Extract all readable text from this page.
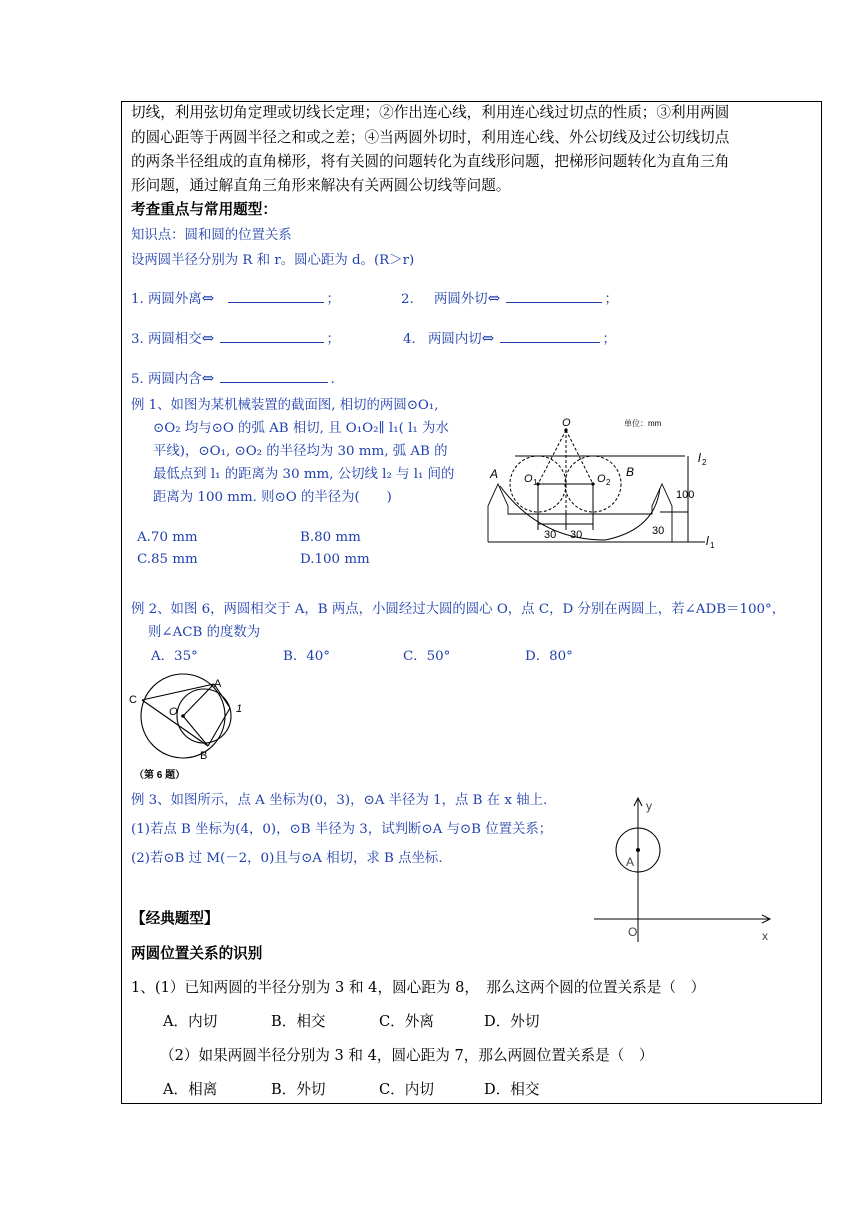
切线，利用弦切角定理或切线长定理；②作出连心线，利用连心线过切点的性质；③利用两圆
的圆心距等于两圆半径之和或之差；④当两圆外切时，利用连心线、外公切线及过公切线切点
的两条半径组成的直角梯形，将有关圆的问题转化为直线形问题，把梯形问题转化为直角三角
形问题，通过解直角三角形来解决有关两圆公切线等问题。
考查重点与常用题型：
知识点：圆和圆的位置关系
设两圆半径分别为 R 和 r。圆心距为 d。(R＞r)
1. 两圆外离⇔	；	2. 两圆外切⇔	；
3. 两圆相交⇔	；	4. 两圆内切⇔	；
5. 两圆内含⇔	.
例 1、如图为某机械装置的截面图, 相切的两圆⊙O₁,
⊙O₂ 均与⊙O 的弧 AB 相切, 且 O₁O₂∥ l₁( l₁ 为水
平线)，⊙O₁, ⊙O₂ 的半径均为 30 mm, 弧 AB 的
最低点到 l₁ 的距离为 30 mm, 公切线 l₂ 与 l₁ 间的
距离为 100 mm. 则⊙O 的半径为(　　)
A.70 mm	B.80 mm
C.85 mm	D.100 mm
O	单位：mm
A	B
O 1	O 2
l 2
l 1
100
30
30 30
例 2、如图 6，两圆相交于 A，B 两点，小圆经过大圆的圆心 O，点 C，D 分别在两圆上，若∠ADB＝100°，
则∠ACB 的度数为
A．35°	B．40°	C．50°	D．80°
C
A
O	1
B
（第 6 题）
例 3、如图所示，点 A 坐标为(0，3)，⊙A 半径为 1，点 B 在 x 轴上.
(1)若点 B 坐标为(4，0)，⊙B 半径为 3，试判断⊙A 与⊙B 位置关系；
(2)若⊙B 过 M(－2，0)且与⊙A 相切，求 B 点坐标.
y
x
A
O
【经典题型】
两圆位置关系的识别
1、(1）已知两圆的半径分别为 3 和 4，圆心距为 8，　那么这两个圆的位置关系是（　）
A．内切	B．相交	C．外离	D．外切
（2）如果两圆半径分别为 3 和 4，圆心距为 7，那么两圆位置关系是（　）
A．相离	B．外切	C．内切	D．相交
